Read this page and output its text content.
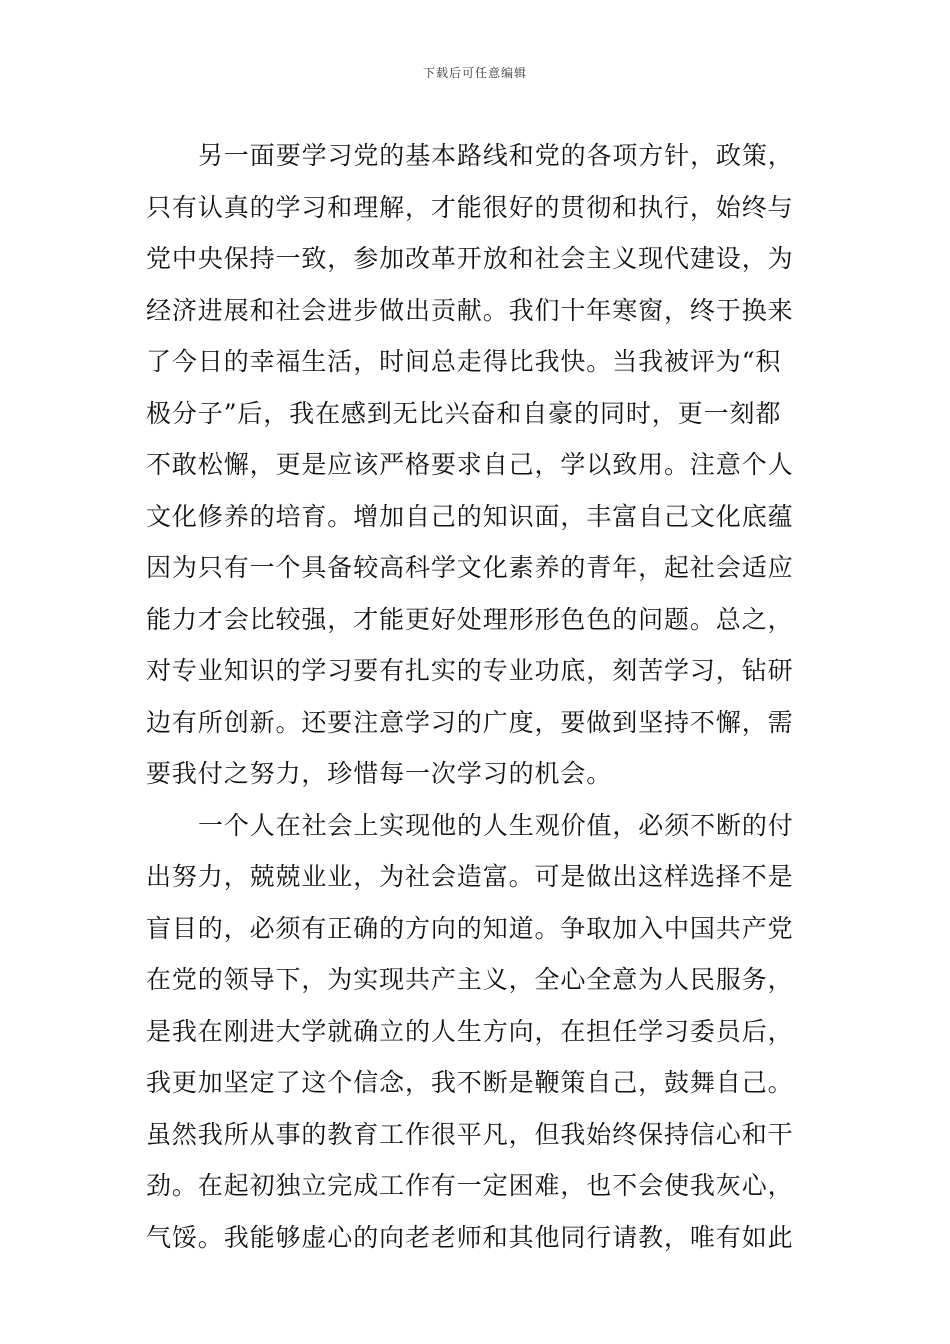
下载后可任意编辑
另一面要学习党的基本路线和党的各项方针，政策，
只有认真的学习和理解，才能很好的贯彻和执行，始终与
党中央保持一致，参加改革开放和社会主义现代建设，为
经济进展和社会进步做出贡献。我们十年寒窗，终于换来
了今日的幸福生活，时间总走得比我快。当我被评为“积
极分子”后，我在感到无比兴奋和自豪的同时，更一刻都
不敢松懈，更是应该严格要求自己，学以致用。注意个人
文化修养的培育。增加自己的知识面，丰富自己文化底蕴
因为只有一个具备较高科学文化素养的青年，起社会适应
能力才会比较强，才能更好处理形形色色的问题。总之，
对专业知识的学习要有扎实的专业功底，刻苦学习，钻研
边有所创新。还要注意学习的广度，要做到坚持不懈，需
要我付之努力，珍惜每一次学习的机会。
一个人在社会上实现他的人生观价值，必须不断的付
出努力，兢兢业业，为社会造富。可是做出这样选择不是
盲目的，必须有正确的方向的知道。争取加入中国共产党
在党的领导下，为实现共产主义，全心全意为人民服务，
是我在刚进大学就确立的人生方向，在担任学习委员后，
我更加坚定了这个信念，我不断是鞭策自己，鼓舞自己。
虽然我所从事的教育工作很平凡，但我始终保持信心和干
劲。在起初独立完成工作有一定困难，也不会使我灰心，
气馁。我能够虚心的向老老师和其他同行请教，唯有如此
